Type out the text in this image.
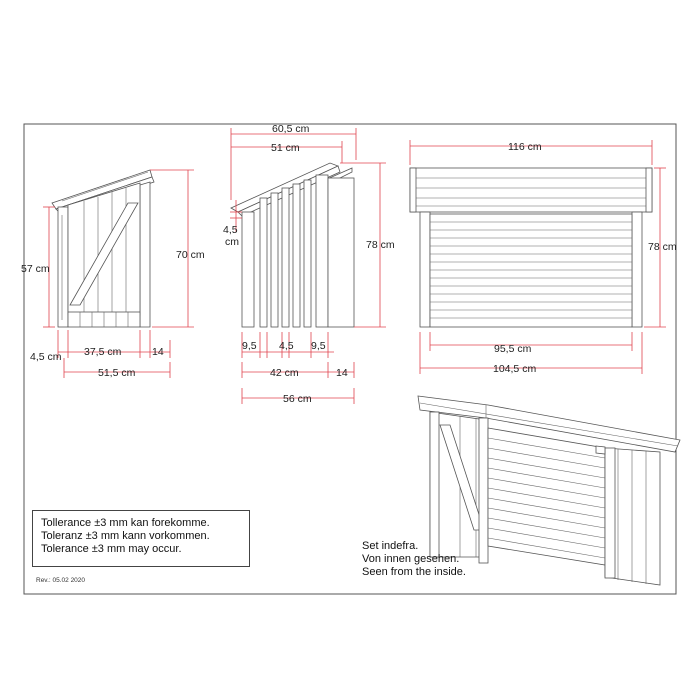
57 cm
70 cm
4,5 cm 37,5 cm	14
51,5 cm
60,5 cm
51 cm
4,5
cm	78 cm
9,5 4,5 9,5
42 cm	14
56 cm
116 cm
78 cm
95,5 cm
104,5 cm
Tollerance ±3 mm kan forekomme.
Toleranz ±3 mm kann vorkommen.
Tolerance ±3 mm may occur.
Rev.: 05.02 2020
Set indefra.
Von innen gesehen.
Seen from the inside.
